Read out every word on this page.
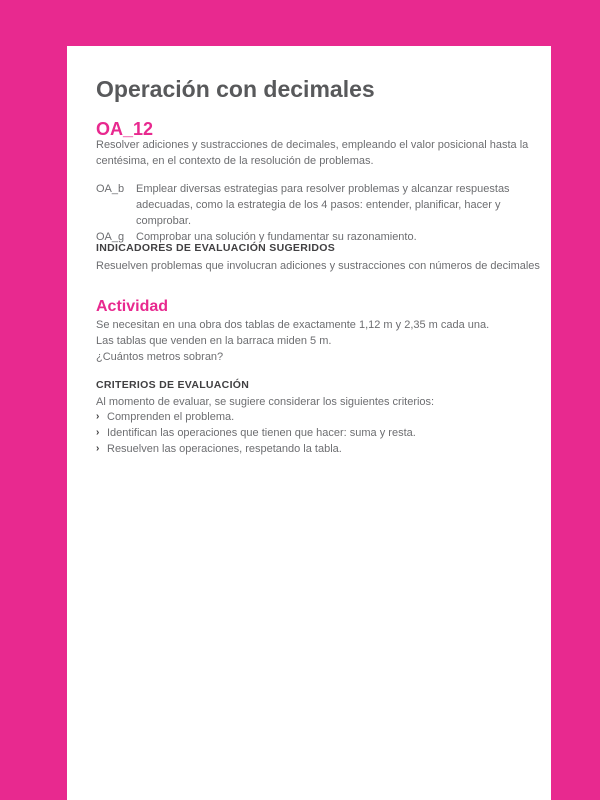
Operación con decimales
OA_12
Resolver adiciones y sustracciones de decimales, empleando el valor posicional hasta la centésima, en el contexto de la resolución de problemas.
OA_b	Emplear diversas estrategias para resolver problemas y alcanzar respuestas adecuadas, como la estrategia de los 4 pasos: entender, planificar, hacer y comprobar.
OA_g	Comprobar una solución y fundamentar su razonamiento.
INDICADORES DE EVALUACIÓN SUGERIDOS
Resuelven problemas que involucran adiciones y sustracciones con números de decimales
Actividad
Se necesitan en una obra dos tablas de exactamente 1,12 m y 2,35 m cada una.
Las tablas que venden en la barraca miden 5 m.
¿Cuántos metros sobran?
CRITERIOS DE EVALUACIÓN
Al momento de evaluar, se sugiere considerar los siguientes criterios:
› Comprenden el problema.
› Identifican las operaciones que tienen que hacer: suma y resta.
› Resuelven las operaciones, respetando la tabla.
